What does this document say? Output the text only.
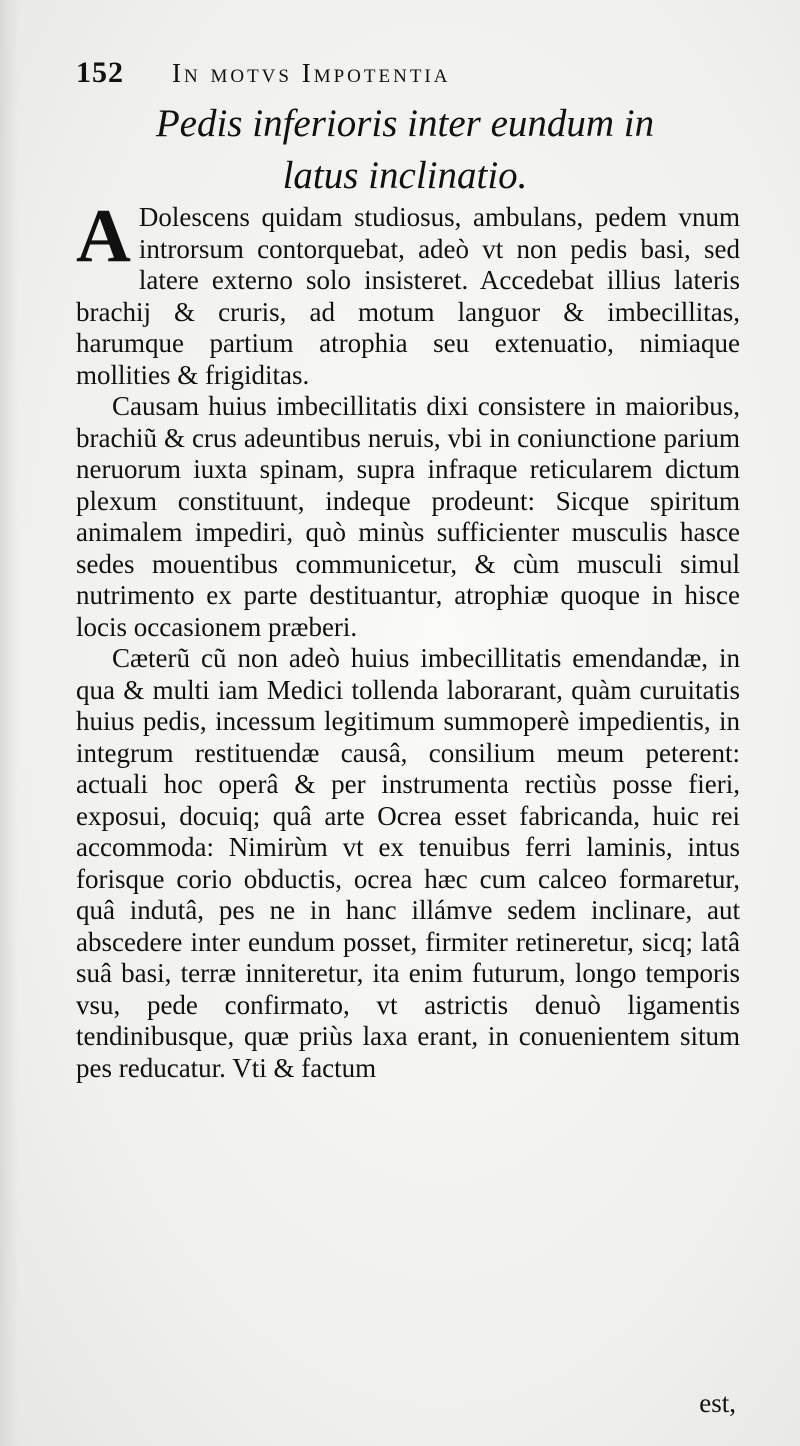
152 In motvs Impotentia
Pedis inferioris inter eundum in
latus inclinatio.

A Dolescens quidam studiosus, ambulans, pedem vnum introrsum contorquebat, adeò vt non pedis basi, sed latere externo solo insisteret. Accedebat illius lateris brachij & cruris, ad motum languor & imbecillitas, harumque partium atrophia seu extenuatio, nimiaque mollities & frigiditas.

Causam huius imbecillitatis dixi consistere in maioribus, brachiũ & crus adeuntibus neruis, vbi in coniunctione parium neruorum iuxta spinam, supra infraque reticularem dictum plexum constituunt, indeque prodeunt: Sicque spiritum animalem impediri, quò minùs sufficienter musculis hasce sedes mouentibus communicetur, & cùm musculi simul nutrimento ex parte destituantur, atrophiæ quoque in hisce locis occasionem præberi.

Cæterũ cũ non adeò huius imbecillitatis emendandæ, in qua & multi iam Medici tollenda laborarant, quàm curuitatis huius pedis, incessum legitimum summoperè impedientis, in integrum restituendæ causâ, consilium meum peterent: actuali hoc operâ & per instrumenta rectiùs posse fieri, exposui, docuiq; quâ arte Ocrea esset fabricanda, huic rei accommoda: Nimirùm vt ex tenuibus ferri laminis, intus forisque corio obductis, ocrea hæc cum calceo formaretur, quâ indutâ, pes ne in hanc illámve sedem inclinare, aut abscedere inter eundum posset, firmiter retineretur, sicq; latâ suâ basi, terræ inniteretur, ita enim futurum, longo temporis vsu, pede confirmato, vt astrictis denuò ligamentis tendinibusque, quæ priùs laxa erant, in conuenientem situm pes reducatur. Vti & factum

est,
